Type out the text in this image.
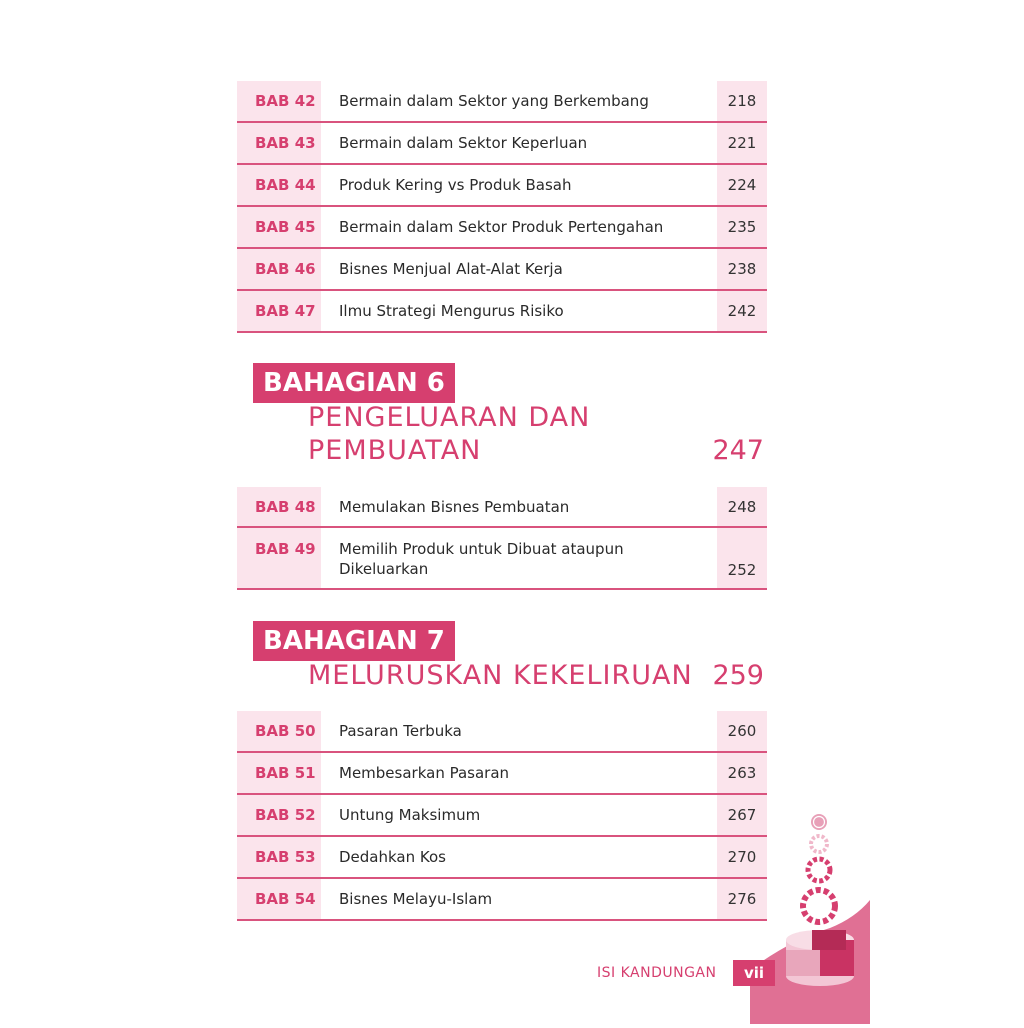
BAB 42	Bermain dalam Sektor yang Berkembang	218
BAB 43	Bermain dalam Sektor Keperluan	221
BAB 44	Produk Kering vs Produk Basah	224
BAB 45	Bermain dalam Sektor Produk Pertengahan	235
BAB 46	Bisnes Menjual Alat-Alat Kerja	238
BAB 47	Ilmu Strategi Mengurus Risiko	242
BAHAGIAN 6
PENGELUARAN DAN
PEMBUATAN	247
BAB 48	Memulakan Bisnes Pembuatan	248
BAB 49	Memilih Produk untuk Dibuat ataupun
Dikeluarkan	252
BAHAGIAN 7
MELURUSKAN KEKELIRUAN 259
BAB 50	Pasaran Terbuka	260
BAB 51	Membesarkan Pasaran	263
BAB 52	Untung Maksimum	267
BAB 53	Dedahkan Kos	270
BAB 54	Bisnes Melayu-Islam	276
ISI KANDUNGAN	vii
